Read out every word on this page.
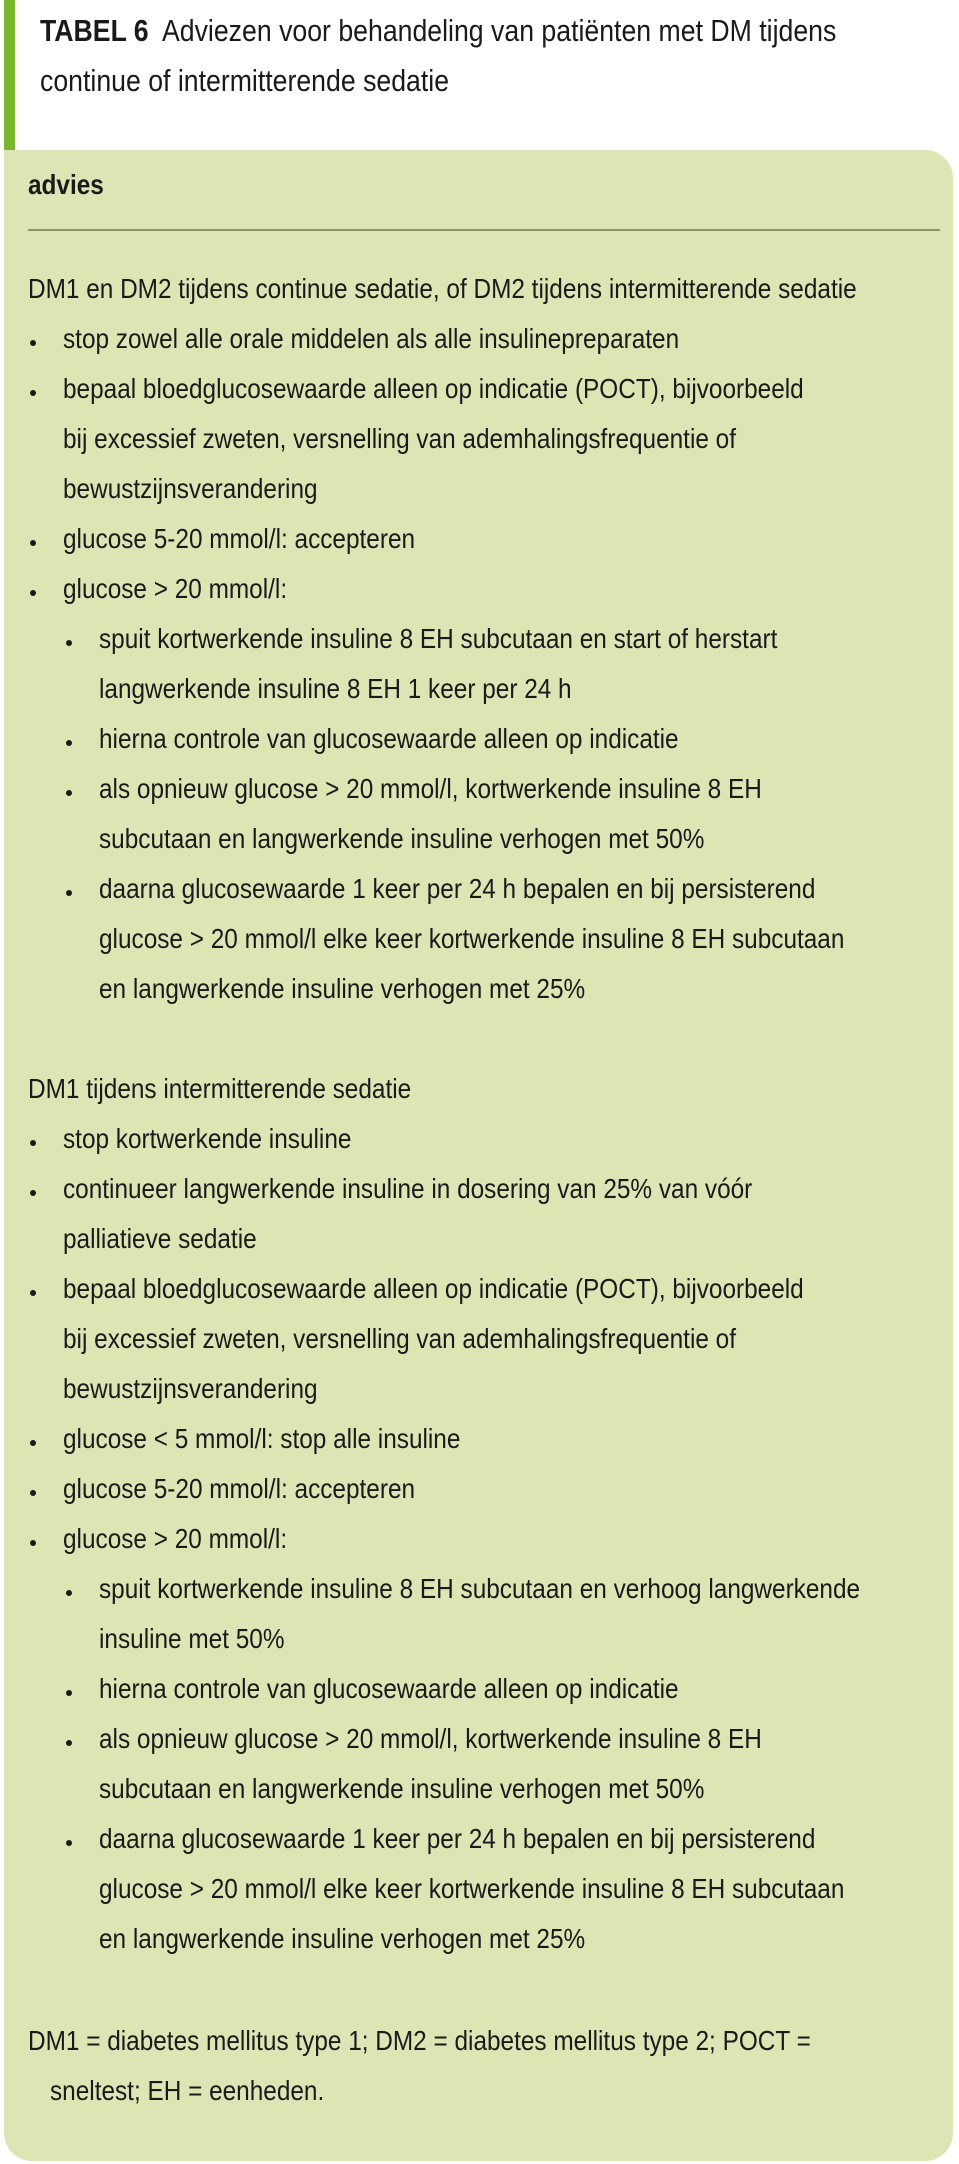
TABEL 6 Adviezen voor behandeling van patiënten met DM tijdens
continue of intermitterende sedatie
advies
DM1 en DM2 tijdens continue sedatie, of DM2 tijdens intermitterende sedatie
stop zowel alle orale middelen als alle insulinepreparaten
bepaal bloedglucosewaarde alleen op indicatie (POCT), bijvoorbeeld
bij excessief zweten, versnelling van ademhalingsfrequentie of
bewustzijnsverandering
glucose 5-20 mmol/l: accepteren
glucose > 20 mmol/l:
spuit kortwerkende insuline 8 EH subcutaan en start of herstart
langwerkende insuline 8 EH 1 keer per 24 h
hierna controle van glucosewaarde alleen op indicatie
als opnieuw glucose > 20 mmol/l, kortwerkende insuline 8 EH
subcutaan en langwerkende insuline verhogen met 50%
daarna glucosewaarde 1 keer per 24 h bepalen en bij persisterend
glucose > 20 mmol/l elke keer kortwerkende insuline 8 EH subcutaan
en langwerkende insuline verhogen met 25%
DM1 tijdens intermitterende sedatie
stop kortwerkende insuline
continueer langwerkende insuline in dosering van 25% van vóór
palliatieve sedatie
bepaal bloedglucosewaarde alleen op indicatie (POCT), bijvoorbeeld
bij excessief zweten, versnelling van ademhalingsfrequentie of
bewustzijnsverandering
glucose < 5 mmol/l: stop alle insuline
glucose 5-20 mmol/l: accepteren
glucose > 20 mmol/l:
spuit kortwerkende insuline 8 EH subcutaan en verhoog langwerkende
insuline met 50%
hierna controle van glucosewaarde alleen op indicatie
als opnieuw glucose > 20 mmol/l, kortwerkende insuline 8 EH
subcutaan en langwerkende insuline verhogen met 50%
daarna glucosewaarde 1 keer per 24 h bepalen en bij persisterend
glucose > 20 mmol/l elke keer kortwerkende insuline 8 EH subcutaan
en langwerkende insuline verhogen met 25%
DM1 = diabetes mellitus type 1; DM2 = diabetes mellitus type 2; POCT =
sneltest; EH = eenheden.
